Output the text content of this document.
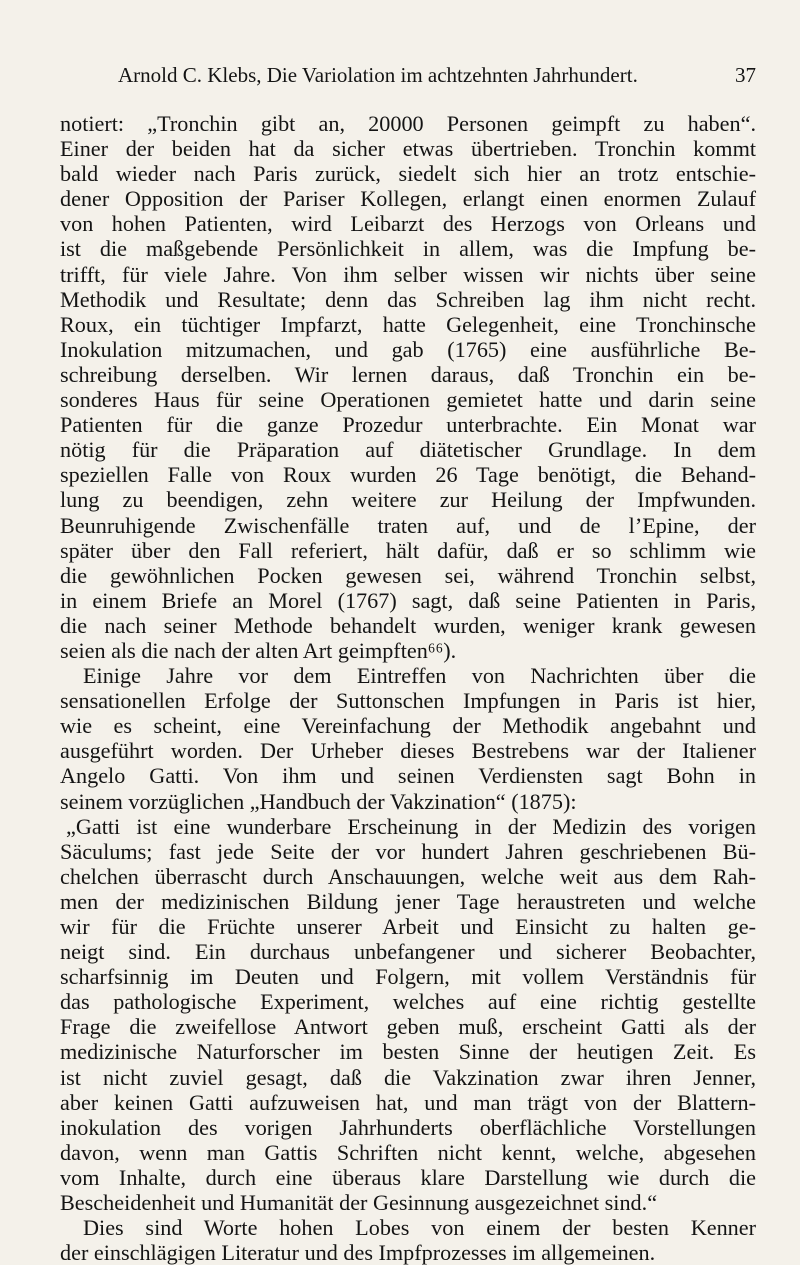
Arnold C. Klebs, Die Variolation im achtzehnten Jahrhundert.	37
notiert: „Tronchin gibt an, 20000 Personen geimpft zu haben“.
Einer der beiden hat da sicher etwas übertrieben. Tronchin kommt
bald wieder nach Paris zurück, siedelt sich hier an trotz entschie-
dener Opposition der Pariser Kollegen, erlangt einen enormen Zulauf
von hohen Patienten, wird Leibarzt des Herzogs von Orleans und
ist die maßgebende Persönlichkeit in allem, was die Impfung be-
trifft, für viele Jahre. Von ihm selber wissen wir nichts über seine
Methodik und Resultate; denn das Schreiben lag ihm nicht recht.
Roux, ein tüchtiger Impfarzt, hatte Gelegenheit, eine Tronchinsche
Inokulation mitzumachen, und gab (1765) eine ausführliche Be-
schreibung derselben. Wir lernen daraus, daß Tronchin ein be-
sonderes Haus für seine Operationen gemietet hatte und darin seine
Patienten für die ganze Prozedur unterbrachte. Ein Monat war
nötig für die Präparation auf diätetischer Grundlage. In dem
speziellen Falle von Roux wurden 26 Tage benötigt, die Behand-
lung zu beendigen, zehn weitere zur Heilung der Impfwunden.
Beunruhigende Zwischenfälle traten auf, und de l’Epine, der
später über den Fall referiert, hält dafür, daß er so schlimm wie
die gewöhnlichen Pocken gewesen sei, während Tronchin selbst,
in einem Briefe an Morel (1767) sagt, daß seine Patienten in Paris,
die nach seiner Methode behandelt wurden, weniger krank gewesen
seien als die nach der alten Art geimpften⁶⁶).
Einige Jahre vor dem Eintreffen von Nachrichten über die
sensationellen Erfolge der Suttonschen Impfungen in Paris ist hier,
wie es scheint, eine Vereinfachung der Methodik angebahnt und
ausgeführt worden. Der Urheber dieses Bestrebens war der Italiener
Angelo Gatti. Von ihm und seinen Verdiensten sagt Bohn in
seinem vorzüglichen „Handbuch der Vakzination“ (1875):
„Gatti ist eine wunderbare Erscheinung in der Medizin des vorigen
Säculums; fast jede Seite der vor hundert Jahren geschriebenen Bü-
chelchen überrascht durch Anschauungen, welche weit aus dem Rah-
men der medizinischen Bildung jener Tage heraustreten und welche
wir für die Früchte unserer Arbeit und Einsicht zu halten ge-
neigt sind. Ein durchaus unbefangener und sicherer Beobachter,
scharfsinnig im Deuten und Folgern, mit vollem Verständnis für
das pathologische Experiment, welches auf eine richtig gestellte
Frage die zweifellose Antwort geben muß, erscheint Gatti als der
medizinische Naturforscher im besten Sinne der heutigen Zeit. Es
ist nicht zuviel gesagt, daß die Vakzination zwar ihren Jenner,
aber keinen Gatti aufzuweisen hat, und man trägt von der Blattern-
inokulation des vorigen Jahrhunderts oberflächliche Vorstellungen
davon, wenn man Gattis Schriften nicht kennt, welche, abgesehen
vom Inhalte, durch eine überaus klare Darstellung wie durch die
Bescheidenheit und Humanität der Gesinnung ausgezeichnet sind.“
Dies sind Worte hohen Lobes von einem der besten Kenner
der einschlägigen Literatur und des Impfprozesses im allgemeinen.
